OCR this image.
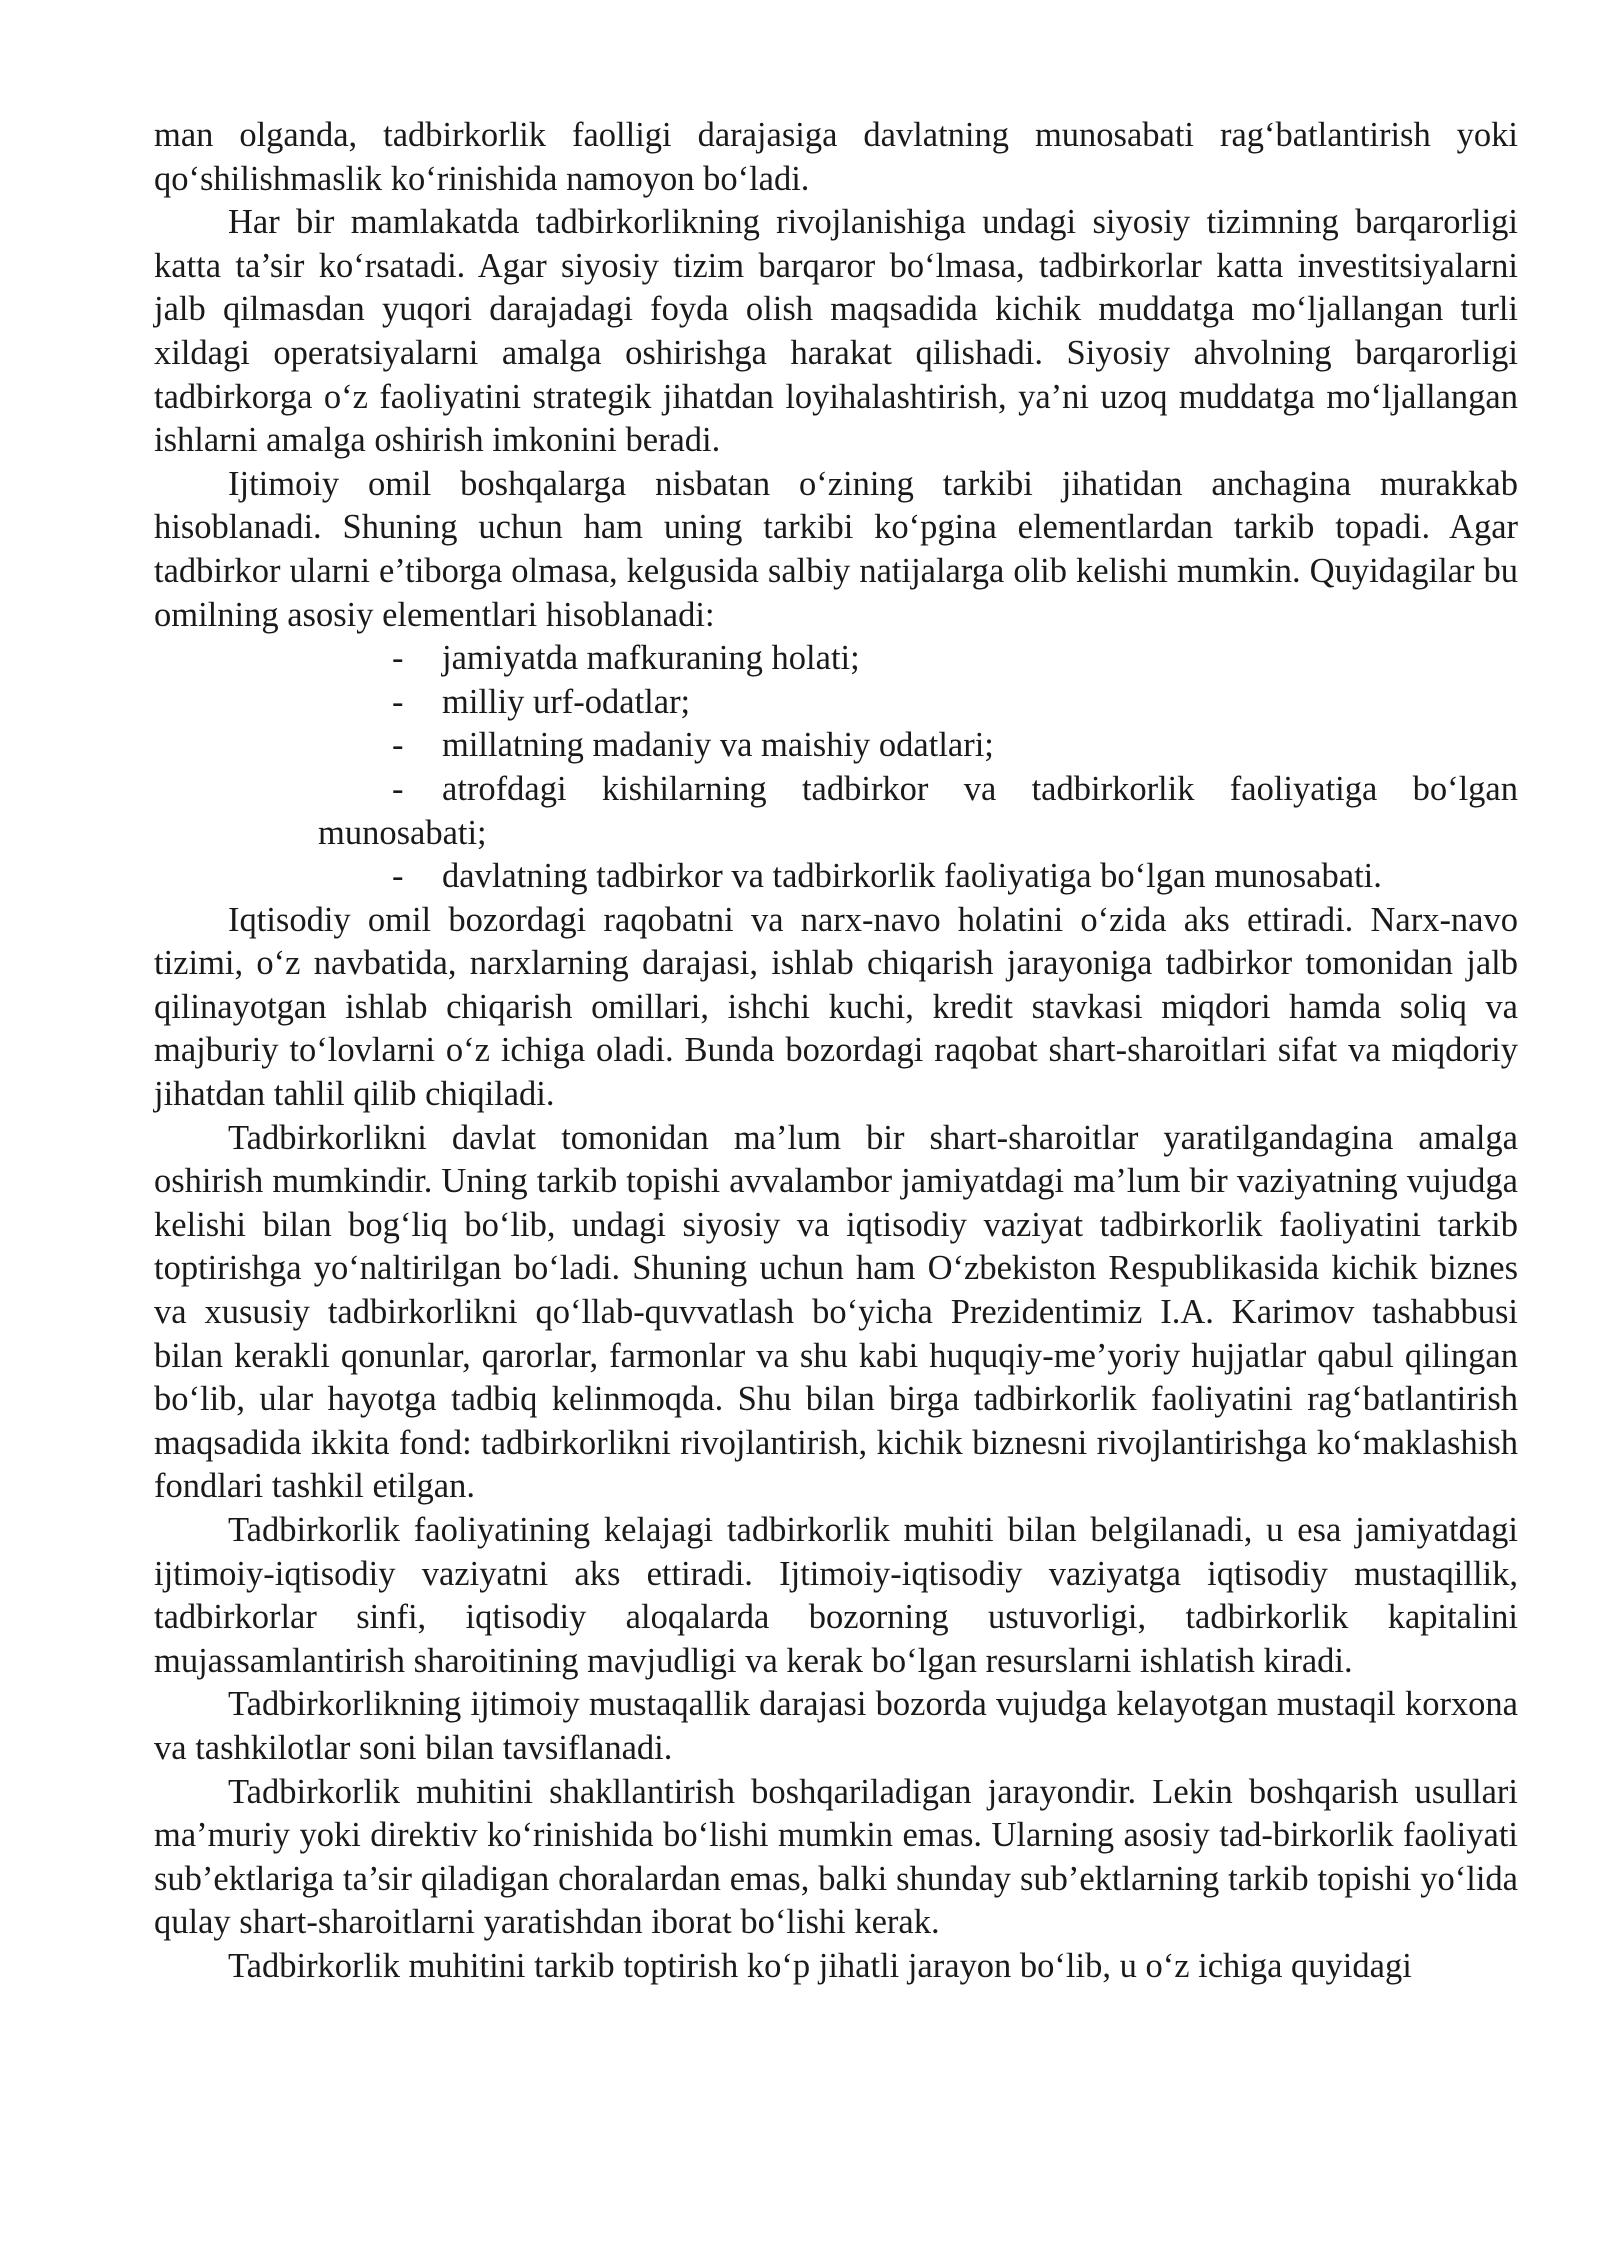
man olganda, tadbirkorlik faolligi darajasiga davlatning munosabati rag‘batlantirish yoki qo‘shilishmaslik ko‘rinishida namoyon bo‘ladi.

Har bir mamlakatda tadbirkorlikning rivojlanishiga undagi siyosiy tizimning barqarorligi katta ta’sir ko‘rsatadi. Agar siyosiy tizim barqaror bo‘lmasa, tadbirkorlar katta investitsiyalarni jalb qilmasdan yuqori darajadagi foyda olish maqsadida kichik muddatga mo‘ljallangan turli xildagi operatsiyalarni amalga oshirishga harakat qilishadi. Siyosiy ahvolning barqarorligi tadbirkorga o‘z faoliyatini strategik jihatdan loyihalashtirish, ya’ni uzoq muddatga mo‘ljallangan ishlarni amalga oshirish imkonini beradi.

Ijtimoiy omil boshqalarga nisbatan o‘zining tarkibi jihatidan anchagina murakkab hisoblanadi. Shuning uchun ham uning tarkibi ko‘pgina elementlardan tarkib topadi. Agar tadbirkor ularni e’tiborga olmasa, kelgusida salbiy natijalarga olib kelishi mumkin. Quyidagilar bu omilning asosiy elementlari hisoblanadi:

- jamiyatda mafkuraning holati;
- milliy urf-odatlar;
- millatning madaniy va maishiy odatlari;
- atrofdagi kishilarning tadbirkor va tadbirkorlik faoliyatiga bo‘lgan munosabati;
- davlatning tadbirkor va tadbirkorlik faoliyatiga bo‘lgan munosabati.

Iqtisodiy omil bozordagi raqobatni va narx-navo holatini o‘zida aks ettiradi. Narx-navo tizimi, o‘z navbatida, narxlarning darajasi, ishlab chiqarish jarayoniga tadbirkor tomonidan jalb qilinayotgan ishlab chiqarish omillari, ishchi kuchi, kredit stavkasi miqdori hamda soliq va majburiy to‘lovlarni o‘z ichiga oladi. Bunda bozordagi raqobat shart-sharoitlari sifat va miqdoriy jihatdan tahlil qilib chiqiladi.

Tadbirkorlikni davlat tomonidan ma’lum bir shart-sharoitlar yaratilgandagina amalga oshirish mumkindir. Uning tarkib topishi avvalambor jamiyatdagi ma’lum bir vaziyatning vujudga kelishi bilan bog‘liq bo‘lib, undagi siyosiy va iqtisodiy vaziyat tadbirkorlik faoliyatini tarkib toptirishga yo‘naltirilgan bo‘ladi. Shuning uchun ham O‘zbekiston Respublikasida kichik biznes va xususiy tadbirkorlikni qo‘llab-quvvatlash bo‘yicha Prezidentimiz I.A. Karimov tashabbusi bilan kerakli qonunlar, qarorlar, farmonlar va shu kabi huquqiy-me’yoriy hujjatlar qabul qilingan bo‘lib, ular hayotga tadbiq kelinmoqda. Shu bilan birga tadbirkorlik faoliyatini rag‘batlantirish maqsadida ikkita fond: tadbirkorlikni rivojlantirish, kichik biznesni rivojlantirishga ko‘maklashish fondlari tashkil etilgan.

Tadbirkorlik faoliyatining kelajagi tadbirkorlik muhiti bilan belgilanadi, u esa jamiyatdagi ijtimoiy-iqtisodiy vaziyatni aks ettiradi. Ijtimoiy-iqtisodiy vaziyatga iqtisodiy mustaqillik, tadbirkorlar sinfi, iqtisodiy aloqalarda bozorning ustuvorligi, tadbirkorlik kapitalini mujassamlantirish sharoitining mavjudligi va kerak bo‘lgan resurslarni ishlatish kiradi.

Tadbirkorlikning ijtimoiy mustaqallik darajasi bozorda vujudga kelayotgan mustaqil korxona va tashkilotlar soni bilan tavsiflanadi.

Tadbirkorlik muhitini shakllantirish boshqariladigan jarayondir. Lekin boshqarish usullari ma’muriy yoki direktiv ko‘rinishida bo‘lishi mumkin emas. Ularning asosiy tad-birkorlik faoliyati sub’ektlariga ta’sir qiladigan choralardan emas, balki shunday sub’ektlarning tarkib topishi yo‘lida qulay shart-sharoitlarni yaratishdan iborat bo‘lishi kerak.

Tadbirkorlik muhitini tarkib toptirish ko‘p jihatli jarayon bo‘lib, u o‘z ichiga quyidagi
